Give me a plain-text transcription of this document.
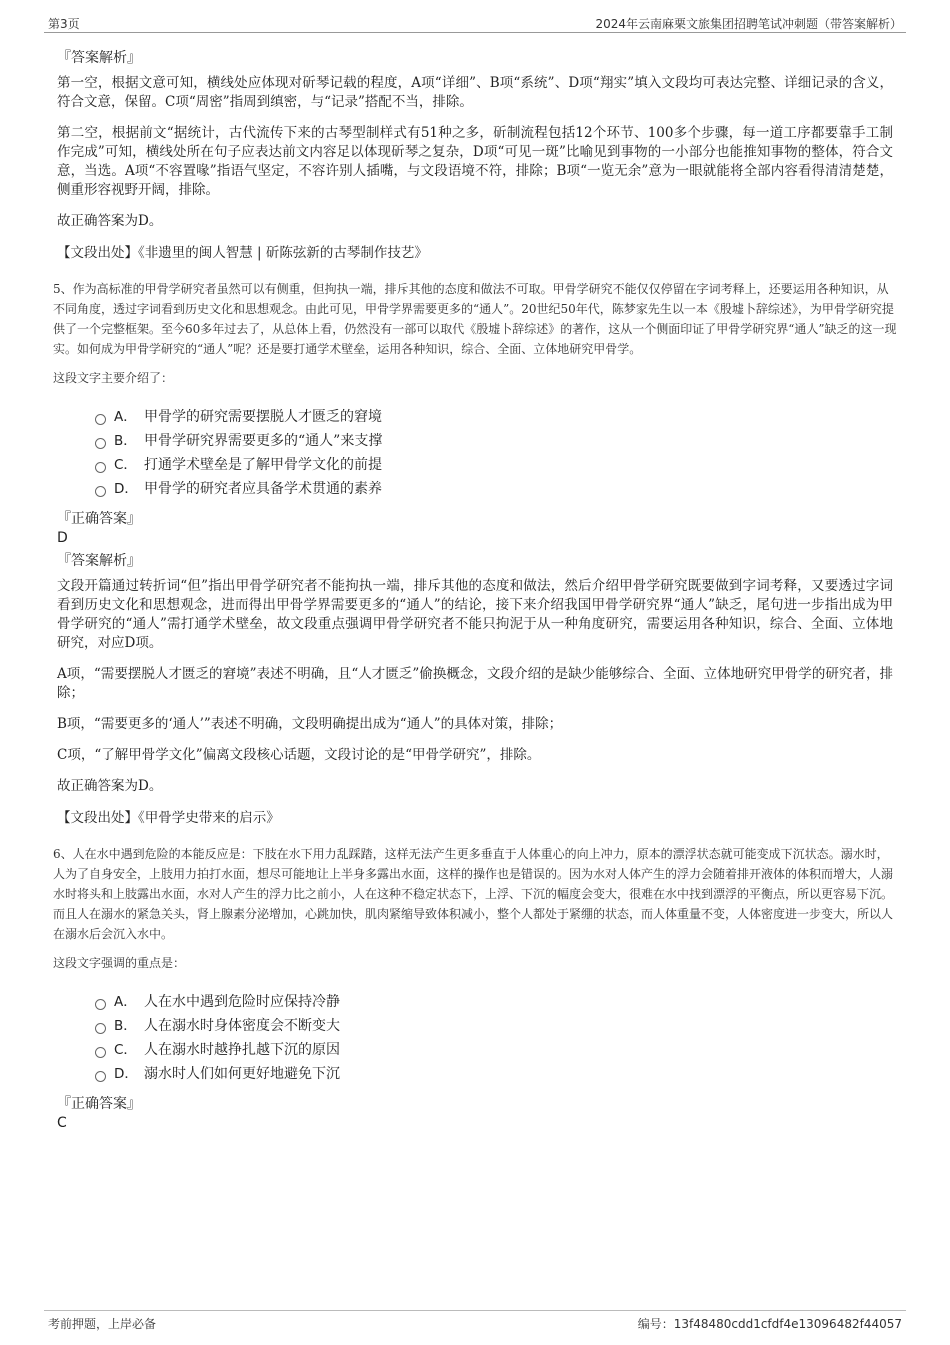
第3页	2024年云南麻栗文旅集团招聘笔试冲刺题（带答案解析）
『答案解析』

第一空，根据文意可知，横线处应体现对斫琴记载的程度，A项“详细”、B项“系统”、D项“翔实”填入文段均可表达完整、详细记录的含义，符合文意，保留。C项“周密”指周到缜密，与“记录”搭配不当，排除。

第二空，根据前文“据统计，古代流传下来的古琴型制样式有51种之多，斫制流程包括12个环节、100多个步骤，每一道工序都要靠手工制作完成”可知，横线处所在句子应表达前文内容足以体现斫琴之复杂，D项“可见一斑”比喻见到事物的一小部分也能推知事物的整体，符合文意，当选。A项“不容置喙”指语气坚定，不容许别人插嘴，与文段语境不符，排除；B项“一览无余”意为一眼就能将全部内容看得清清楚楚，侧重形容视野开阔，排除。

故正确答案为D。

【文段出处】《非遗里的闽人智慧 | 斫陈弦新的古琴制作技艺》

5、作为高标准的甲骨学研究者虽然可以有侧重，但拘执一端，排斥其他的态度和做法不可取。甲骨学研究不能仅仅停留在字词考释上，还要运用各种知识，从不同角度，透过字词看到历史文化和思想观念。由此可见，甲骨学界需要更多的“通人”。20世纪50年代，陈梦家先生以一本《殷墟卜辞综述》，为甲骨学研究提供了一个完整框架。至今60多年过去了，从总体上看，仍然没有一部可以取代《殷墟卜辞综述》的著作，这从一个侧面印证了甲骨学研究界“通人”缺乏的这一现实。如何成为甲骨学研究的“通人”呢？还是要打通学术壁垒，运用各种知识，综合、全面、立体地研究甲骨学。

这段文字主要介绍了：

A． 甲骨学的研究需要摆脱人才匮乏的窘境
B． 甲骨学研究界需要更多的“通人”来支撑
C． 打通学术壁垒是了解甲骨学文化的前提
D． 甲骨学的研究者应具备学术贯通的素养
『正确答案』
D
『答案解析』

文段开篇通过转折词“但”指出甲骨学研究者不能拘执一端，排斥其他的态度和做法，然后介绍甲骨学研究既要做到字词考释，又要透过字词看到历史文化和思想观念，进而得出甲骨学界需要更多的“通人”的结论，接下来介绍我国甲骨学研究界“通人”缺乏，尾句进一步指出成为甲骨学研究的“通人”需打通学术壁垒，故文段重点强调甲骨学研究者不能只拘泥于从一种角度研究，需要运用各种知识，综合、全面、立体地研究，对应D项。

A项，“需要摆脱人才匮乏的窘境”表述不明确，且“人才匮乏”偷换概念，文段介绍的是缺少能够综合、全面、立体地研究甲骨学的研究者，排除；

B项，“需要更多的‘通人’”表述不明确，文段明确提出成为“通人”的具体对策，排除；

C项，“了解甲骨学文化”偏离文段核心话题，文段讨论的是“甲骨学研究”，排除。

故正确答案为D。

【文段出处】《甲骨学史带来的启示》

6、人在水中遇到危险的本能反应是：下肢在水下用力乱踩踏，这样无法产生更多垂直于人体重心的向上冲力，原本的漂浮状态就可能变成下沉状态。溺水时，人为了自身安全，上肢用力拍打水面，想尽可能地让上半身多露出水面，这样的操作也是错误的。因为水对人体产生的浮力会随着排开液体的体积而增大，人溺水时将头和上肢露出水面，水对人产生的浮力比之前小，人在这种不稳定状态下，上浮、下沉的幅度会变大，很难在水中找到漂浮的平衡点，所以更容易下沉。而且人在溺水的紧急关头，肾上腺素分泌增加，心跳加快，肌肉紧缩导致体积减小，整个人都处于紧绷的状态，而人体重量不变，人体密度进一步变大，所以人在溺水后会沉入水中。

这段文字强调的重点是：

A． 人在水中遇到危险时应保持冷静
B． 人在溺水时身体密度会不断变大
C． 人在溺水时越挣扎越下沉的原因
D． 溺水时人们如何更好地避免下沉
『正确答案』
C
考前押题，上岸必备	编号：13f48480cdd1cfdf4e13096482f44057
